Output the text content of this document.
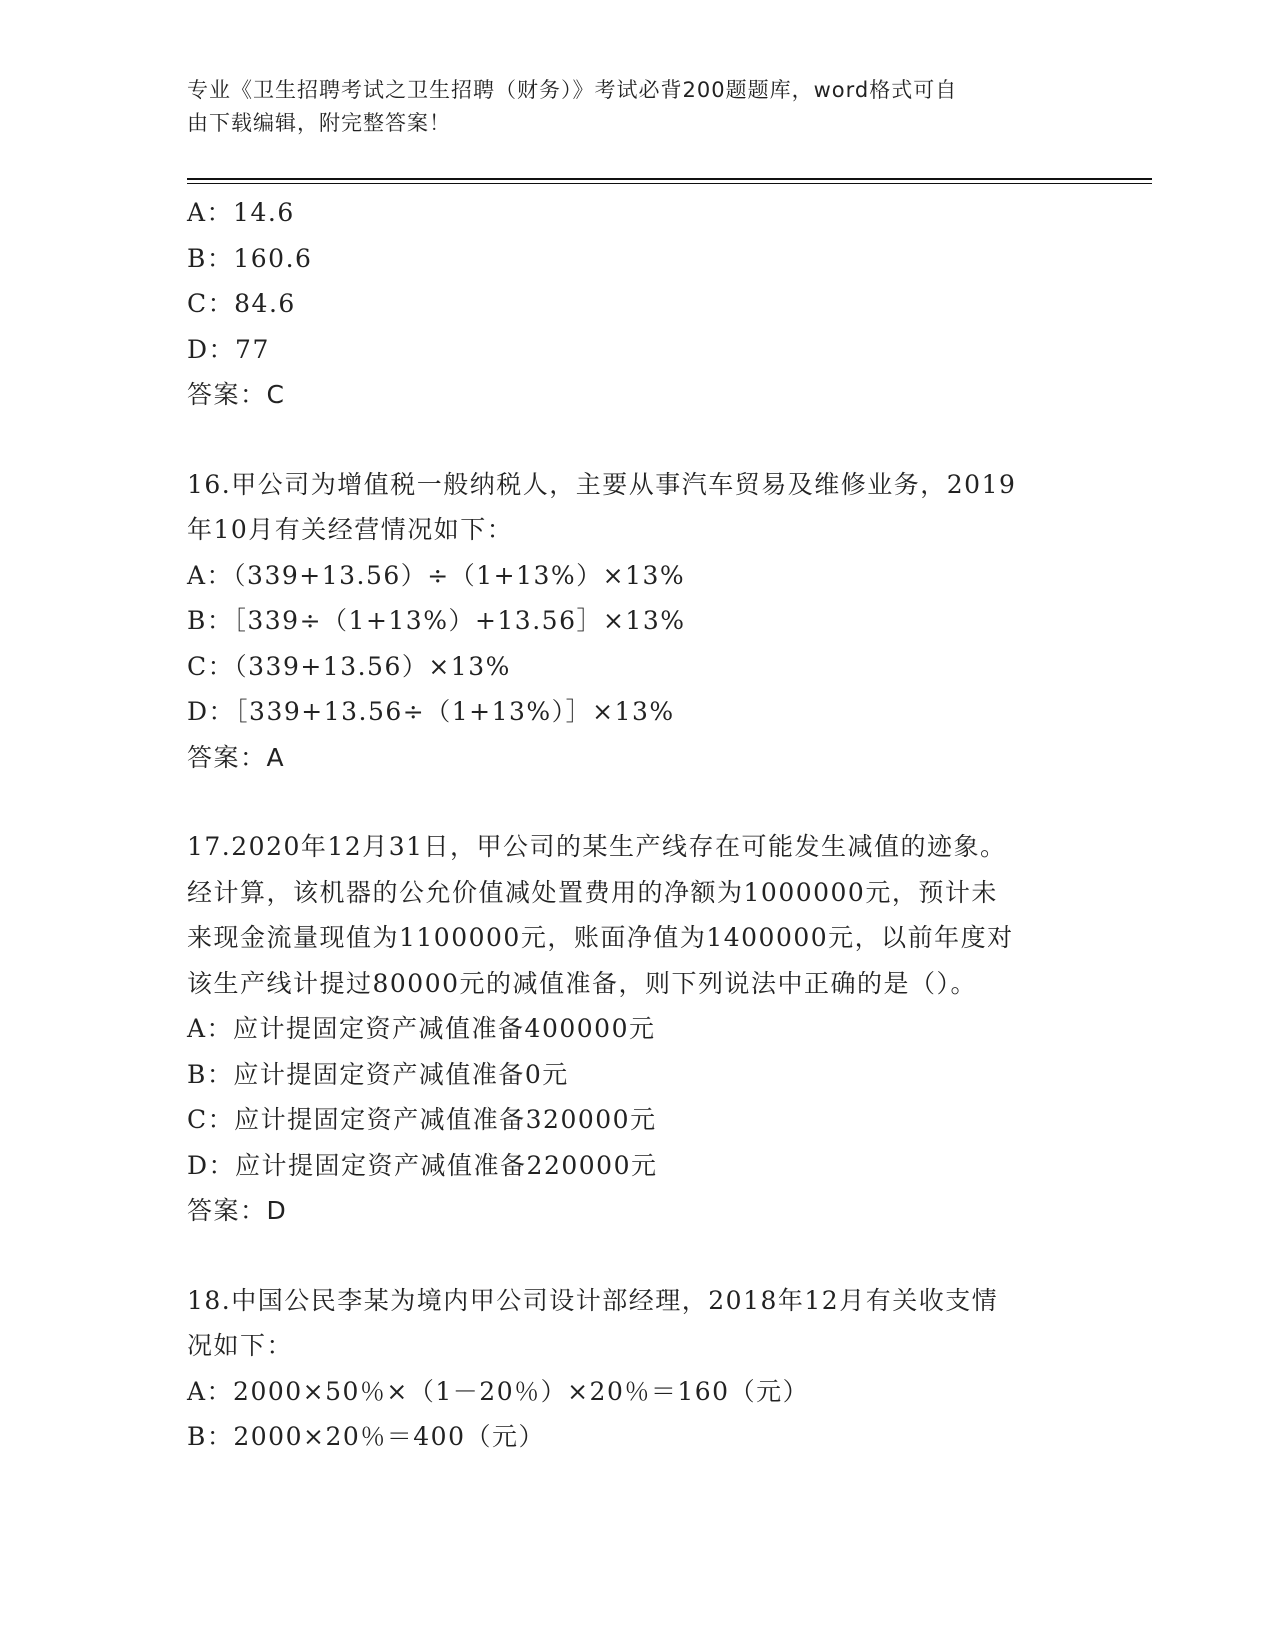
专业《卫生招聘考试之卫生招聘（财务）》考试必背200题题库，word格式可自
由下载编辑，附完整答案！
A：14.6
B：160.6
C：84.6
D：77
答案：C
16.甲公司为增值税一般纳税人，主要从事汽车贸易及维修业务，2019
年10月有关经营情况如下：
A：（339+13.56）÷（1+13%）×13%
B：［339÷（1+13%）+13.56］×13%
C：（339+13.56）×13%
D：［339+13.56÷（1+13%）］×13%
答案：A
17.2020年12月31日，甲公司的某生产线存在可能发生减值的迹象。
经计算，该机器的公允价值减处置费用的净额为1000000元，预计未
来现金流量现值为1100000元，账面净值为1400000元，以前年度对
该生产线计提过80000元的减值准备，则下列说法中正确的是（）。
A：应计提固定资产减值准备400000元
B：应计提固定资产减值准备0元
C：应计提固定资产减值准备320000元
D：应计提固定资产减值准备220000元
答案：D
18.中国公民李某为境内甲公司设计部经理，2018年12月有关收支情
况如下：
A：2000×50％×（1－20％）×20％＝160（元）
B：2000×20％＝400（元）
